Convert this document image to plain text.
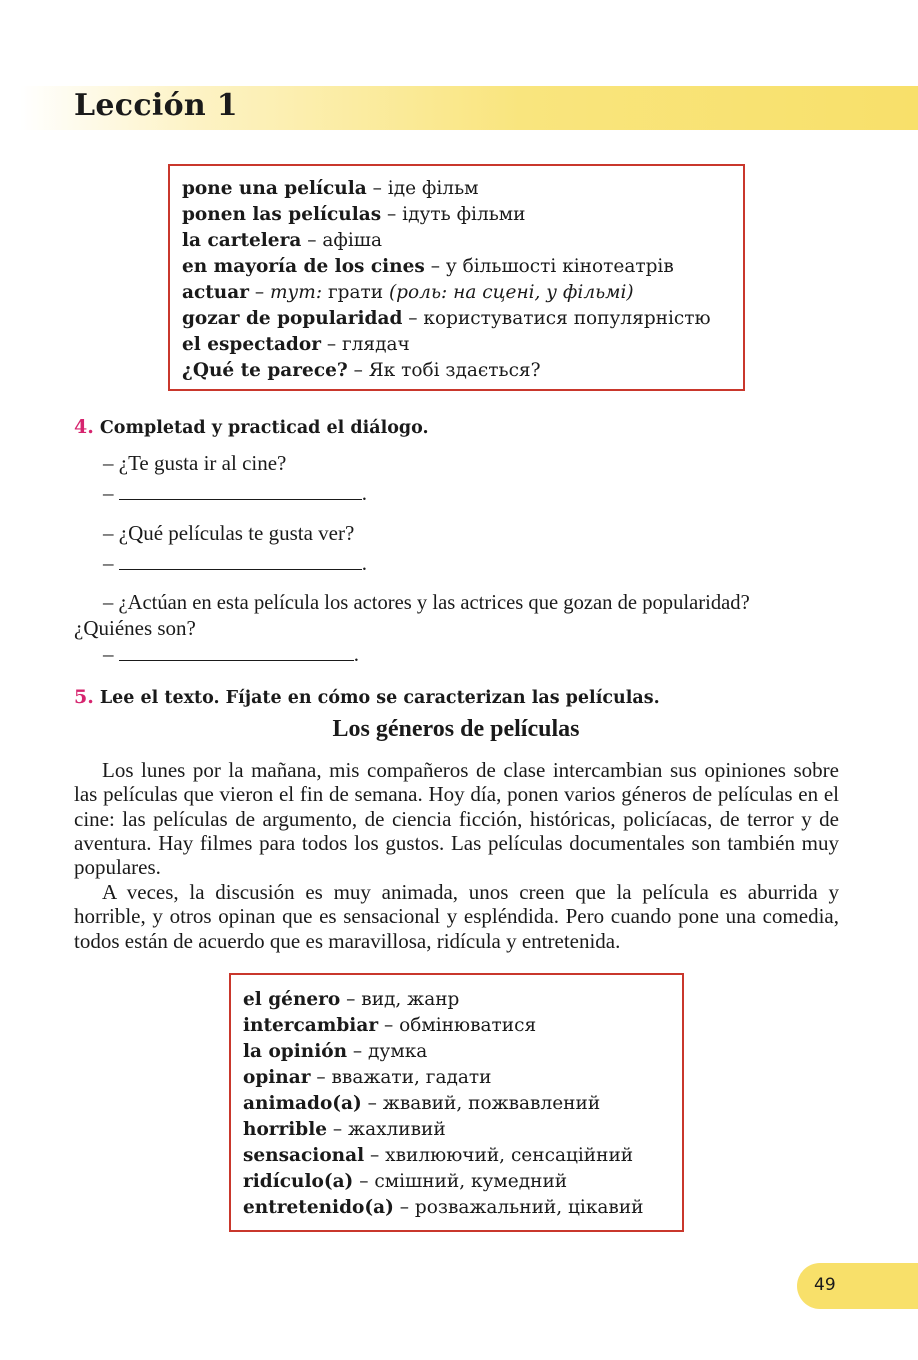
Lección 1
pone una película – іде фільм
ponen las películas – ідуть фільми
la cartelera – афіша
en mayoría de los cines – у більшості кінотеатрів
actuar – тут: грати (роль: на сцені, у фільмі)
gozar de popularidad – користуватися популярністю
el espectador – глядач
¿Qué te parece? – Як тобі здається?
4. Completad y practicad el diálogo.
– ¿Te gusta ir al cine?
–	.
– ¿Qué películas te gusta ver?
–	.
– ¿Actúan en esta película los actores y las actrices que gozan de popularidad?
¿Quiénes son?
–	.
5. Lee el texto. Fíjate en cómo se caracterizan las películas.
Los géneros de películas
Los lunes por la mañana, mis compañeros de clase intercambian sus opiniones sobre las películas que vieron el fin de semana. Hoy día, ponen varios géneros de películas en el cine: las películas de argumento, de ciencia ficción, históricas, policíacas, de terror y de aventura. Hay filmes para todos los gustos. Las películas documentales son también muy populares.
A veces, la discusión es muy animada, unos creen que la película es aburrida y horrible, y otros opinan que es sensacional y espléndida. Pero cuando pone una comedia, todos están de acuerdo que es maravillosa, ridícula y entretenida.
el género – вид, жанр
intercambiar – обмінюватися
la opinión – думка
opinar – вважати, гадати
animado(a) – жвавий, пожвавлений
horrible – жахливий
sensacional – хвилюючий, сенсаційний
ridículo(a) – смішний, кумедний
entretenido(a) – розважальний, цікавий
49
